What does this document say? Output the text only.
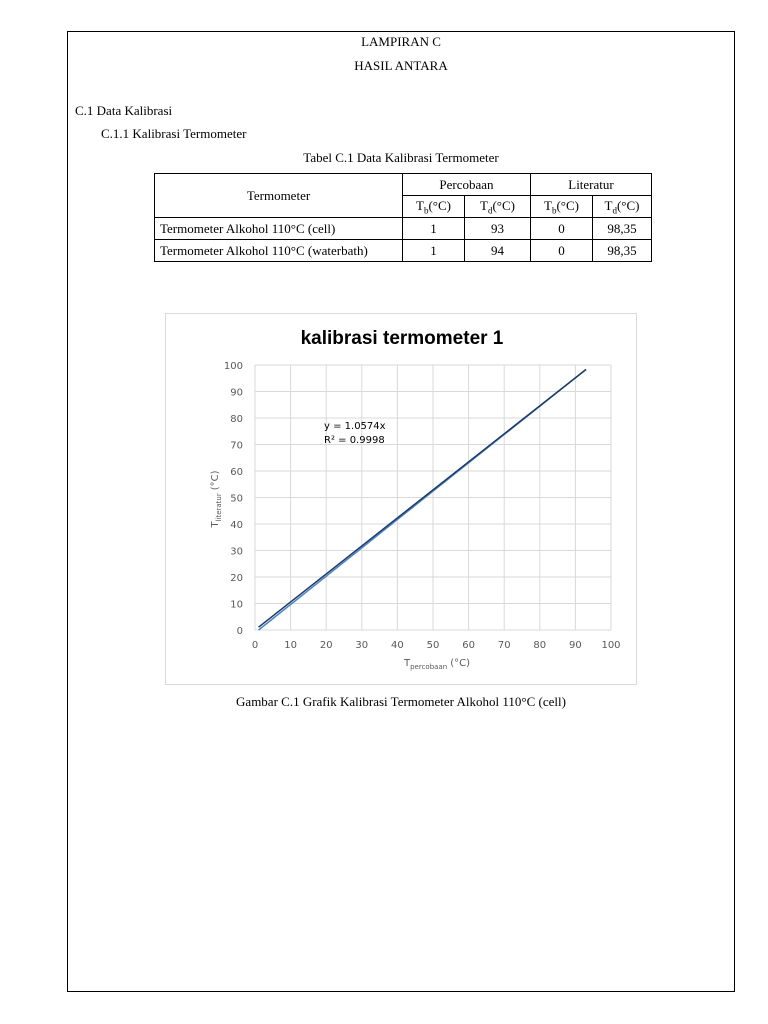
LAMPIRAN C
HASIL ANTARA
C.1 Data Kalibrasi
C.1.1 Kalibrasi Termometer
Tabel C.1 Data Kalibrasi Termometer
Termometer	Percobaan		Literatur	
	$T_b(^\circ C)$	$T_d(^\circ C)$	$T_b(^\circ C)$	$T_d(^\circ C)$
Termometer Alkohol 110°C (cell)	1	93	0	98,35
Termometer Alkohol 110°C (waterbath)	1	94	0	98,35
kalibrasi termometer 1
0	10 20 30 40 50 60 70 80 90 100
0
10
20
30
40
50
60
70
80
90
100
y = 1.0574x
R² = 0.9998
$T_{percobaan}$ (°C)
$T_{literatur}(^\circ C)$
Gambar C.1 Grafik Kalibrasi Termometer Alkohol 110°C (cell)
